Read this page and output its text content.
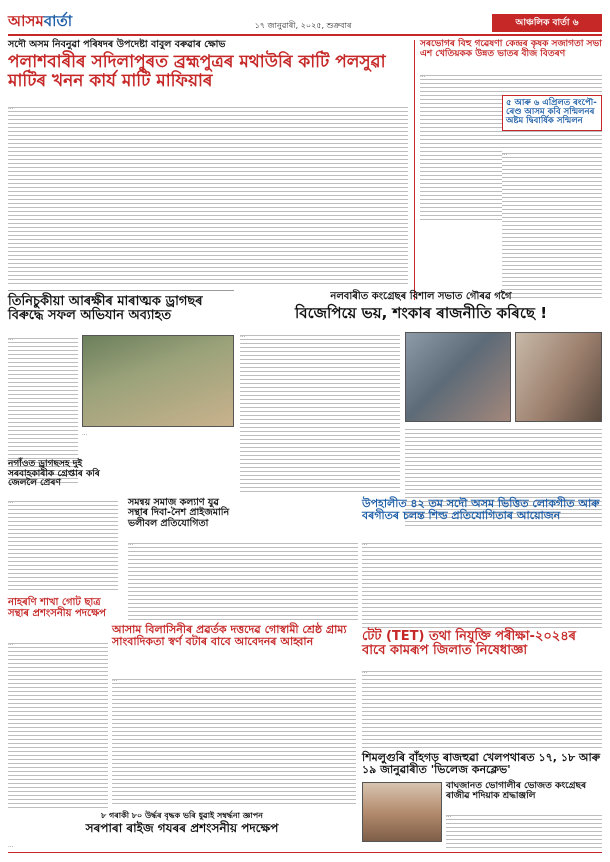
আসমবাৰ্তা	১৭ জানুৱাৰী, ২০২৫, শুক্ৰবাৰ	আঞ্চলিক বাৰ্তা ৬
সদৌ অসম নিবনুৱা পৰিষদৰ উপদেষ্টা বাবুল বৰুৱাৰ ক্ষোভ
পলাশবাৰীৰ সদিলাপুৰত ব্ৰহ্মপুত্ৰৰ মথাউৰি কাটি পলসুৱা মাটিৰ খনন কাৰ্য মাটি মাফিয়াৰ
…
সৰভোগৰ বিহু গৱেষণা কেন্দ্ৰৰ কৃষক সজাগতা সভা এশ খেতিয়কক উন্নত ভাতৰ বীজ বিতৰণ
…
৫ আৰু ৬ এপ্ৰিলত ৰংপৌ-ৰেণ্ড আসম কবি সন্মিলনৰ অষ্টম দ্বিবাৰ্ষিক সন্মিলন
…
নলবাৰীত কংগ্ৰেছৰ বিশাল সভাত গৌৰৱ গগৈ
বিজেপিয়ে ভয়, শংকাৰ ৰাজনীতি কৰিছে !
…
তিনিচুকীয়া আৰক্ষীৰ মাৰাত্মক ড্ৰাগছৰ বিৰুদ্ধে সফল অভিযান অব্যাহত
…
…
নগাঁওত ড্ৰাগছসহ দুই সৰবাহকাৰীক গ্ৰেপ্তাৰ কৰি জেললৈ প্ৰেৰণ
…	সমন্বয় সমাজ কল্যাণ যুৱ সন্থাৰ দিবা-নৈশ প্ৰাইজমানি ভলীবল প্ৰতিযোগিতা
…
নাহৰণি শাখা গোট ছাত্ৰ সন্থাৰ প্ৰশংসনীয় পদক্ষেপ
…
আসাম বিলাসিনীৰ প্ৰৱৰ্তক দত্তদেৱ গোস্বামী শ্ৰেষ্ঠ গ্ৰাম্য সাংবাদিকতা স্বৰ্ণ বটাৰ বাবে আবেদনৰ আহ্বান
…
উপহালীত ৪২ তম সদৌ অসম ভিত্তিত লোকগীত আৰু বৰগীতৰ চলন্ত শিল্ড প্ৰতিযোগিতাৰ আয়োজন
…
টেট (TET) তথা নিযুক্তি পৰীক্ষা-২০২৪ৰ বাবে কামৰূপ জিলাত নিষেধাজ্ঞা
…
শিমলুগুৰি বাঁহগড় ৰাজহুৱা খেলপথাৰত ১৭, ১৮ আৰু ১৯ জানুৱাৰীত 'ভিলেজ কনক্লেভ'
বাঘজানত ভোগালীৰ ভোজত কংগ্ৰেছৰ ৰাজীৱ শদিয়াক শ্ৰদ্ধাঞ্জলি
…
৮ গৰাকী ৮০ উৰ্দ্ধৰ বৃদ্ধক ভৰি ধুৱাই সম্বৰ্দ্ধনা জ্ঞাপন
সৰপাৰা ৰাইজ গযৰৰ প্ৰশংসনীয় পদক্ষেপ
…
